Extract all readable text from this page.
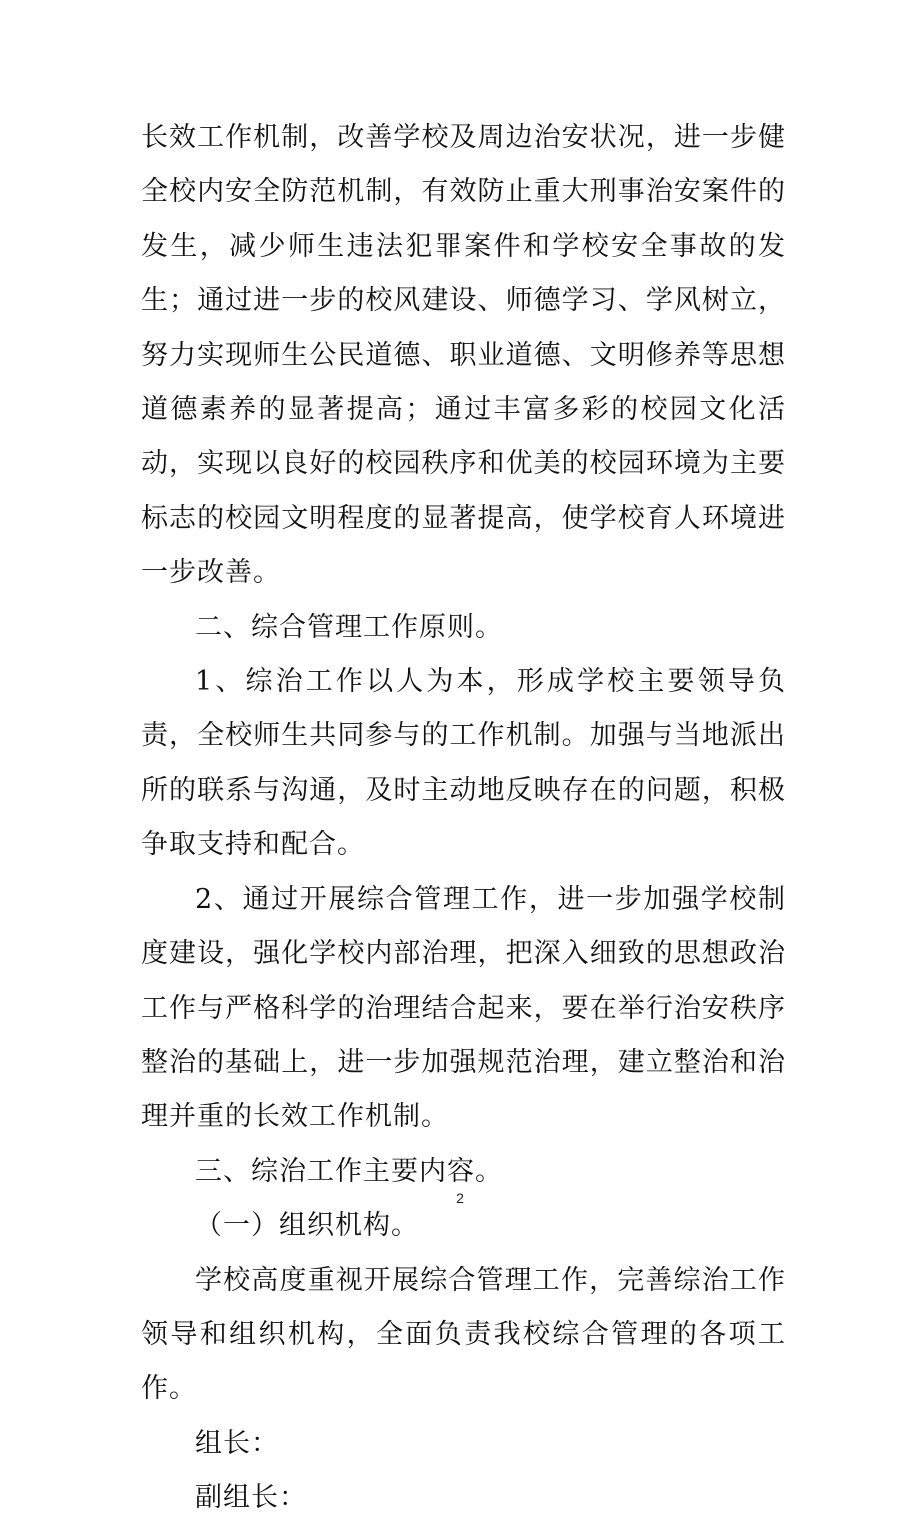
长效工作机制，改善学校及周边治安状况，进一步健全校内安全防范机制，有效防止重大刑事治安案件的发生，减少师生违法犯罪案件和学校安全事故的发生；通过进一步的校风建设、师德学习、学风树立，努力实现师生公民道德、职业道德、文明修养等思想道德素养的显著提高；通过丰富多彩的校园文化活动，实现以良好的校园秩序和优美的校园环境为主要标志的校园文明程度的显著提高，使学校育人环境进一步改善。

二、综合管理工作原则。

1、综治工作以人为本，形成学校主要领导负责，全校师生共同参与的工作机制。加强与当地派出所的联系与沟通，及时主动地反映存在的问题，积极争取支持和配合。

2、通过开展综合管理工作，进一步加强学校制度建设，强化学校内部治理，把深入细致的思想政治工作与严格科学的治理结合起来，要在举行治安秩序整治的基础上，进一步加强规范治理，建立整治和治理并重的长效工作机制。

三、综治工作主要内容。

（一）组织机构。

学校高度重视开展综合管理工作，完善综治工作领导和组织机构，全面负责我校综合管理的各项工作。

组长：

副组长：

2
